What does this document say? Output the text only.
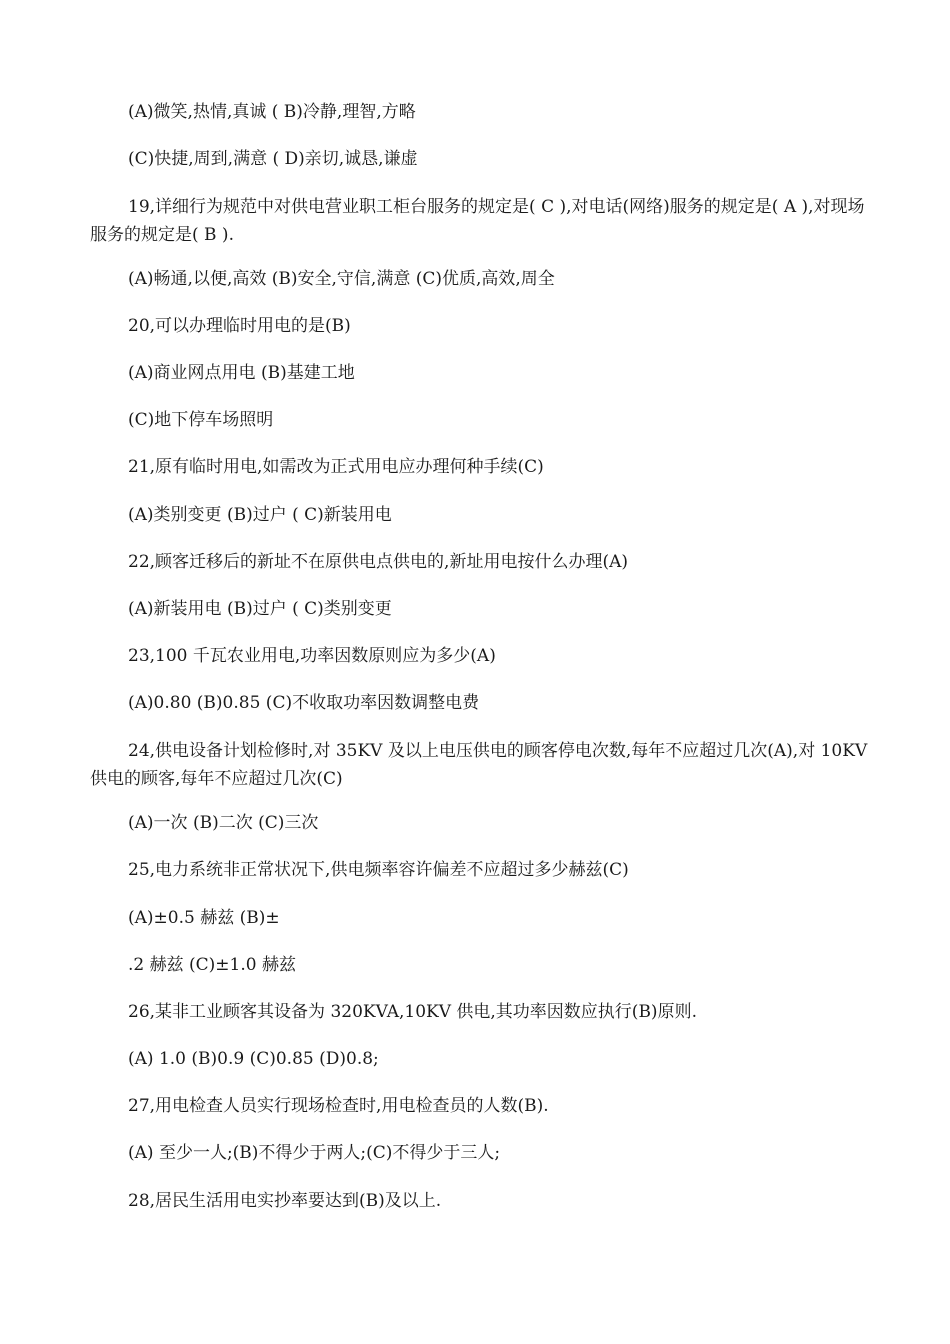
(A)微笑,热情,真诚 ( B)冷静,理智,方略

(C)快捷,周到,满意 ( D)亲切,诚恳,谦虚

19,详细行为规范中对供电营业职工柜台服务的规定是( C ),对电话(网络)服务的规定是( A ),对现场服务的规定是( B ).

(A)畅通,以便,高效 (B)安全,守信,满意 (C)优质,高效,周全

20,可以办理临时用电的是(B)

(A)商业网点用电 (B)基建工地

(C)地下停车场照明

21,原有临时用电,如需改为正式用电应办理何种手续(C)

(A)类别变更 (B)过户 ( C)新装用电

22,顾客迁移后的新址不在原供电点供电的,新址用电按什么办理(A)

(A)新装用电 (B)过户 ( C)类别变更

23,100 千瓦农业用电,功率因数原则应为多少(A)

(A)0.80 (B)0.85 (C)不收取功率因数调整电费

24,供电设备计划检修时,对 35KV 及以上电压供电的顾客停电次数,每年不应超过几次(A),对 10KV 供电的顾客,每年不应超过几次(C)

(A)一次 (B)二次 (C)三次

25,电力系统非正常状况下,供电频率容许偏差不应超过多少赫兹(C)

(A)±0.5 赫兹 (B)±

.2 赫兹 (C)±1.0 赫兹

26,某非工业顾客其设备为 320KVA,10KV 供电,其功率因数应执行(B)原则.

(A) 1.0 (B)0.9 (C)0.85 (D)0.8;

27,用电检查人员实行现场检查时,用电检查员的人数(B).

(A) 至少一人;(B)不得少于两人;(C)不得少于三人;

28,居民生活用电实抄率要达到(B)及以上.
